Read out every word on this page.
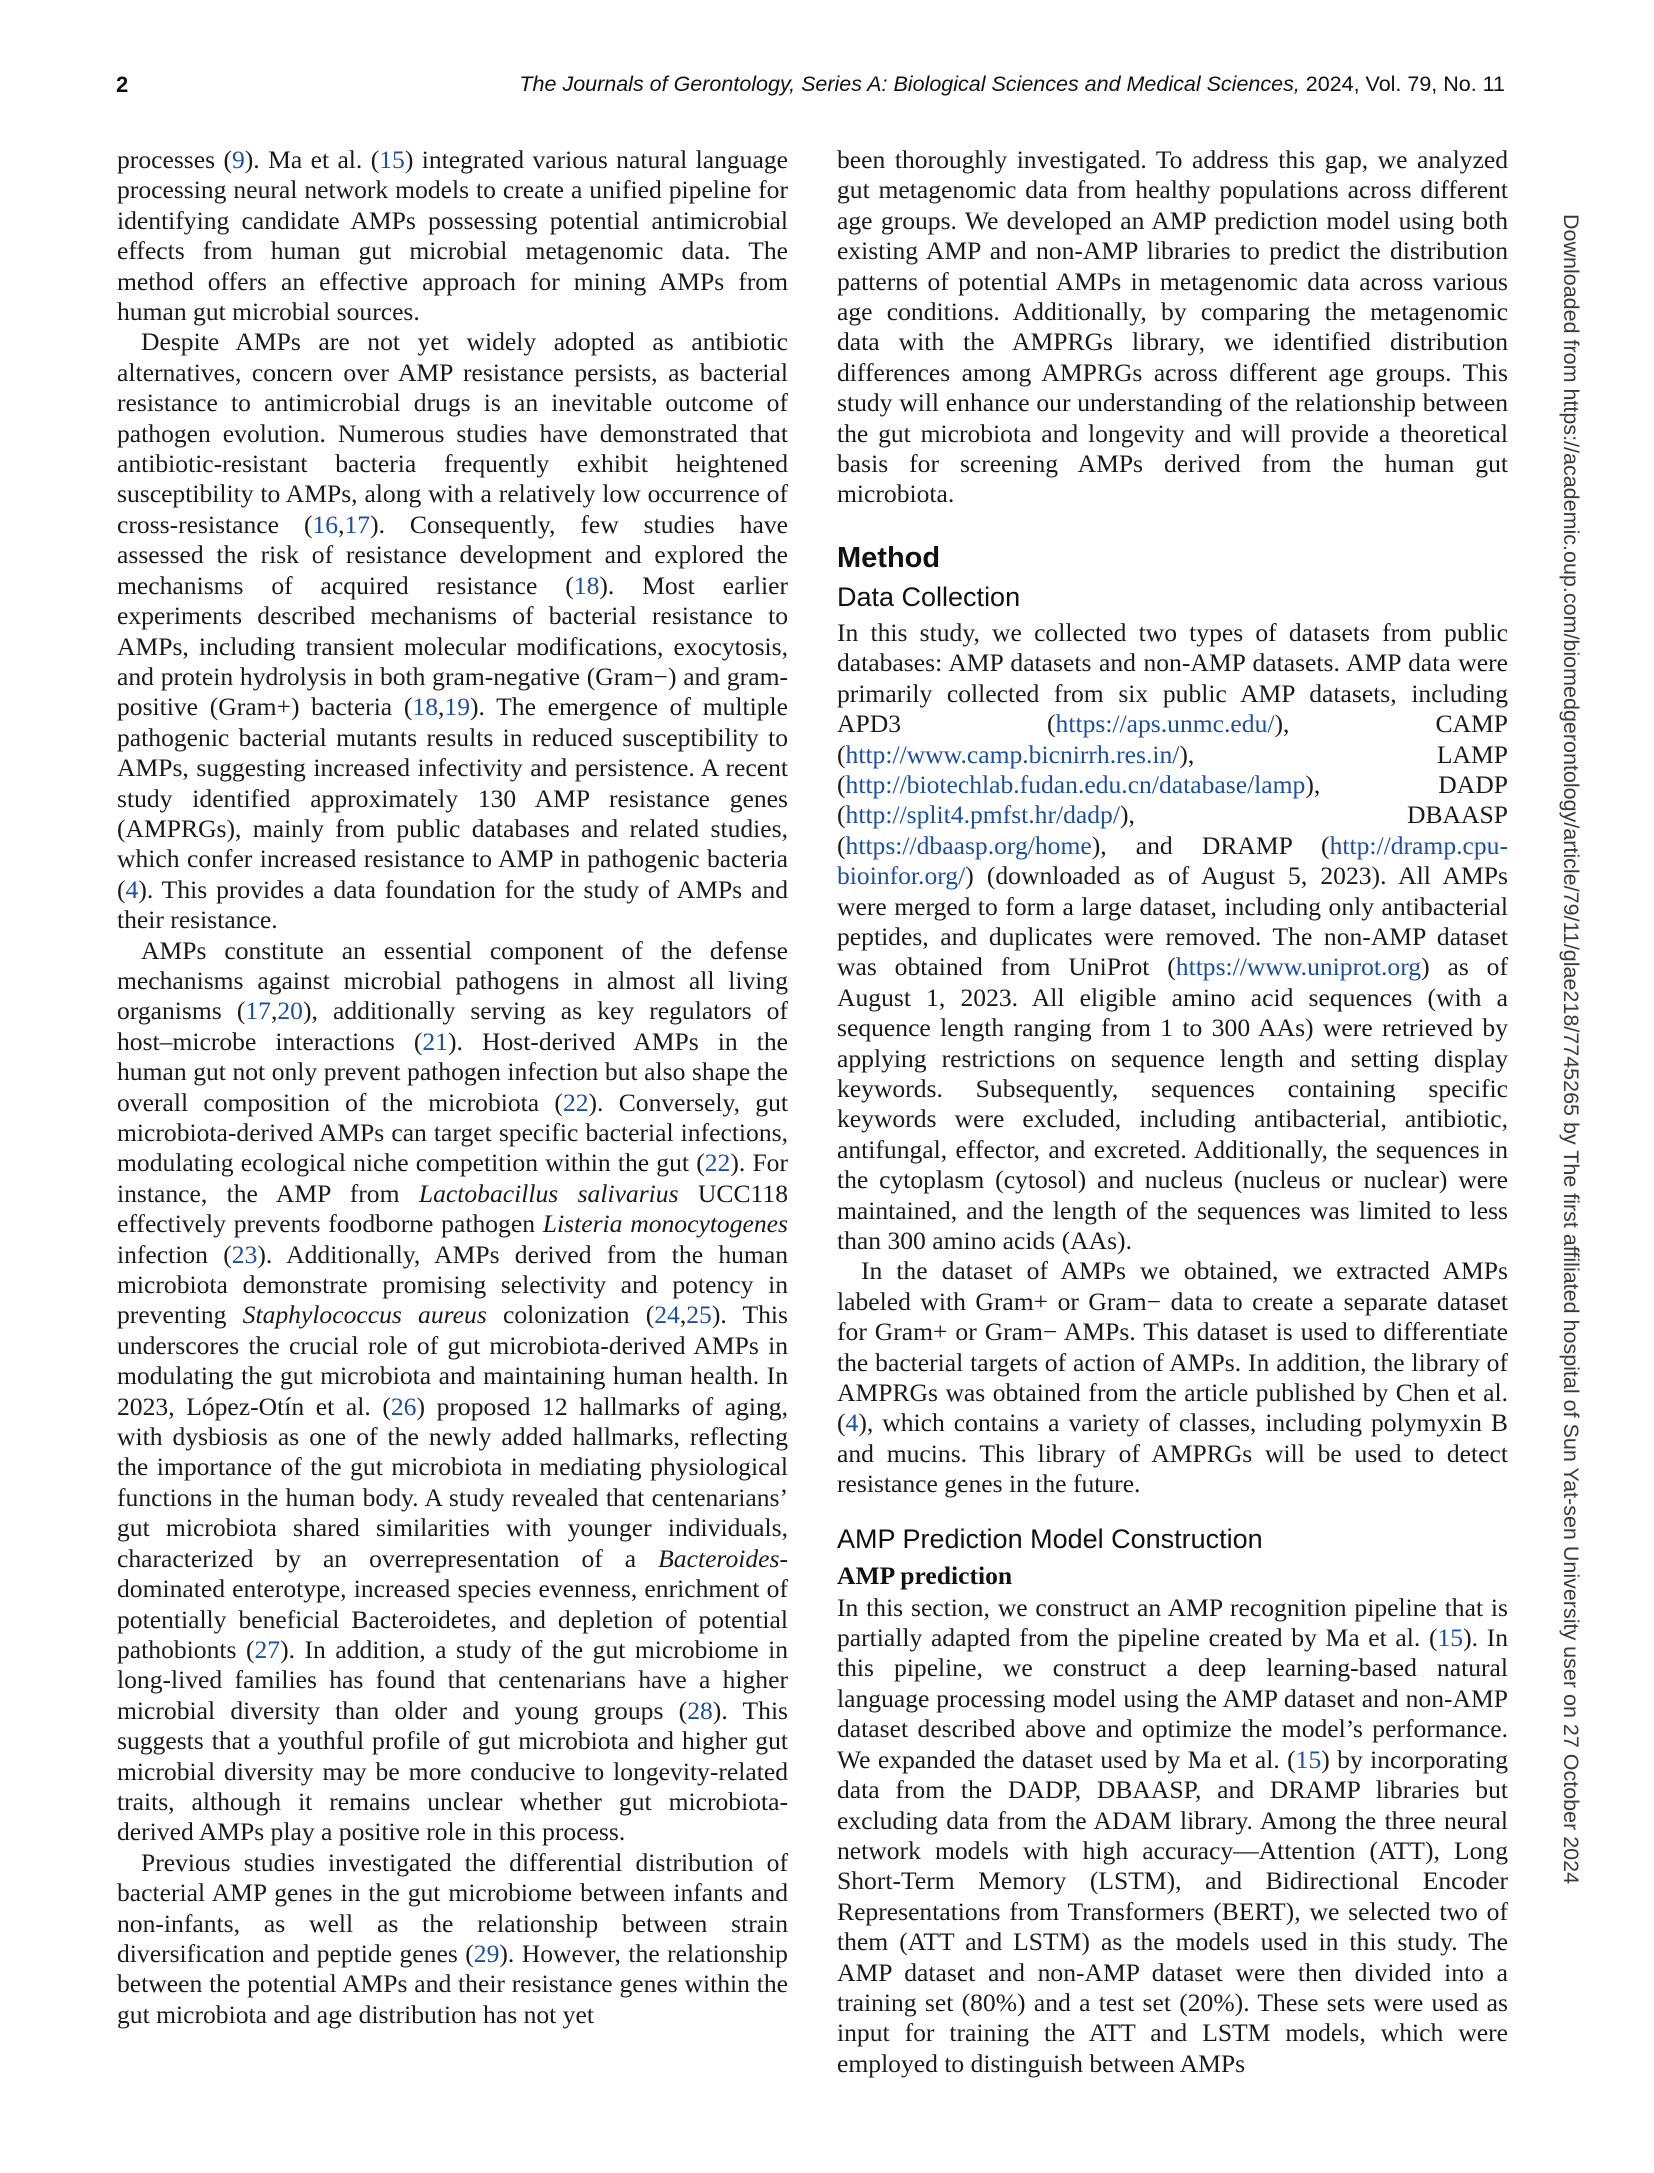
2	The Journals of Gerontology, Series A: Biological Sciences and Medical Sciences, 2024, Vol. 79, No. 11
Downloaded from https://academic.oup.com/biomedgerontology/article/79/11/glae218/7745265 by The first affiliated hospital of Sun Yat-sen University user on 27 October 2024

processes (9). Ma et al. (15) integrated various natural language processing neural network models to create a unified pipeline for identifying candidate AMPs possessing potential antimicrobial effects from human gut microbial metagenomic data. The method offers an effective approach for mining AMPs from human gut microbial sources.

Despite AMPs are not yet widely adopted as antibiotic alternatives, concern over AMP resistance persists, as bacterial resistance to antimicrobial drugs is an inevitable outcome of pathogen evolution. Numerous studies have demonstrated that antibiotic-resistant bacteria frequently exhibit heightened susceptibility to AMPs, along with a relatively low occurrence of cross-resistance (16,17). Consequently, few studies have assessed the risk of resistance development and explored the mechanisms of acquired resistance (18). Most earlier experiments described mechanisms of bacterial resistance to AMPs, including transient molecular modifications, exocytosis, and protein hydrolysis in both gram-negative (Gram−) and gram-positive (Gram+) bacteria (18,19). The emergence of multiple pathogenic bacterial mutants results in reduced susceptibility to AMPs, suggesting increased infectivity and persistence. A recent study identified approximately 130 AMP resistance genes (AMPRGs), mainly from public databases and related studies, which confer increased resistance to AMP in pathogenic bacteria (4). This provides a data foundation for the study of AMPs and their resistance.

AMPs constitute an essential component of the defense mechanisms against microbial pathogens in almost all living organisms (17,20), additionally serving as key regulators of host–microbe interactions (21). Host-derived AMPs in the human gut not only prevent pathogen infection but also shape the overall composition of the microbiota (22). Conversely, gut microbiota-derived AMPs can target specific bacterial infections, modulating ecological niche competition within the gut (22). For instance, the AMP from Lactobacillus salivarius UCC118 effectively prevents foodborne pathogen Listeria monocytogenes infection (23). Additionally, AMPs derived from the human microbiota demonstrate promising selectivity and potency in preventing Staphylococcus aureus colonization (24,25). This underscores the crucial role of gut microbiota-derived AMPs in modulating the gut microbiota and maintaining human health. In 2023, López-Otín et al. (26) proposed 12 hallmarks of aging, with dysbiosis as one of the newly added hallmarks, reflecting the importance of the gut microbiota in mediating physiological functions in the human body. A study revealed that centenarians’ gut microbiota shared similarities with younger individuals, characterized by an overrepresentation of a Bacteroides-dominated enterotype, increased species evenness, enrichment of potentially beneficial Bacteroidetes, and depletion of potential pathobionts (27). In addition, a study of the gut microbiome in long-lived families has found that centenarians have a higher microbial diversity than older and young groups (28). This suggests that a youthful profile of gut microbiota and higher gut microbial diversity may be more conducive to longevity-related traits, although it remains unclear whether gut microbiota-derived AMPs play a positive role in this process.

Previous studies investigated the differential distribution of bacterial AMP genes in the gut microbiome between infants and non-infants, as well as the relationship between strain diversification and peptide genes (29). However, the relationship between the potential AMPs and their resistance genes within the gut microbiota and age distribution has not yet

been thoroughly investigated. To address this gap, we analyzed gut metagenomic data from healthy populations across different age groups. We developed an AMP prediction model using both existing AMP and non-AMP libraries to predict the distribution patterns of potential AMPs in metagenomic data across various age conditions. Additionally, by comparing the metagenomic data with the AMPRGs library, we identified distribution differences among AMPRGs across different age groups. This study will enhance our understanding of the relationship between the gut microbiota and longevity and will provide a theoretical basis for screening AMPs derived from the human gut microbiota.

Method
Data Collection

In this study, we collected two types of datasets from public databases: AMP datasets and non-AMP datasets. AMP data were primarily collected from six public AMP datasets, including APD3 (https://aps.unmc.edu/), CAMP (http://www.camp.bicnirrh.res.in/), LAMP (http://biotechlab.fudan.edu.cn/database/lamp), DADP (http://split4.pmfst.hr/dadp/), DBAASP (https://dbaasp.org/home), and DRAMP (http://dramp.cpu-bioinfor.org/) (downloaded as of August 5, 2023). All AMPs were merged to form a large dataset, including only antibacterial peptides, and duplicates were removed. The non-AMP dataset was obtained from UniProt (https://www.uniprot.org) as of August 1, 2023. All eligible amino acid sequences (with a sequence length ranging from 1 to 300 AAs) were retrieved by applying restrictions on sequence length and setting display keywords. Subsequently, sequences containing specific keywords were excluded, including antibacterial, antibiotic, antifungal, effector, and excreted. Additionally, the sequences in the cytoplasm (cytosol) and nucleus (nucleus or nuclear) were maintained, and the length of the sequences was limited to less than 300 amino acids (AAs).

In the dataset of AMPs we obtained, we extracted AMPs labeled with Gram+ or Gram− data to create a separate dataset for Gram+ or Gram− AMPs. This dataset is used to differentiate the bacterial targets of action of AMPs. In addition, the library of AMPRGs was obtained from the article published by Chen et al. (4), which contains a variety of classes, including polymyxin B and mucins. This library of AMPRGs will be used to detect resistance genes in the future.

AMP Prediction Model Construction
AMP prediction

In this section, we construct an AMP recognition pipeline that is partially adapted from the pipeline created by Ma et al. (15). In this pipeline, we construct a deep learning-based natural language processing model using the AMP dataset and non-AMP dataset described above and optimize the model’s performance. We expanded the dataset used by Ma et al. (15) by incorporating data from the DADP, DBAASP, and DRAMP libraries but excluding data from the ADAM library. Among the three neural network models with high accuracy—Attention (ATT), Long Short-Term Memory (LSTM), and Bidirectional Encoder Representations from Transformers (BERT), we selected two of them (ATT and LSTM) as the models used in this study. The AMP dataset and non-AMP dataset were then divided into a training set (80%) and a test set (20%). These sets were used as input for training the ATT and LSTM models, which were employed to distinguish between AMPs
